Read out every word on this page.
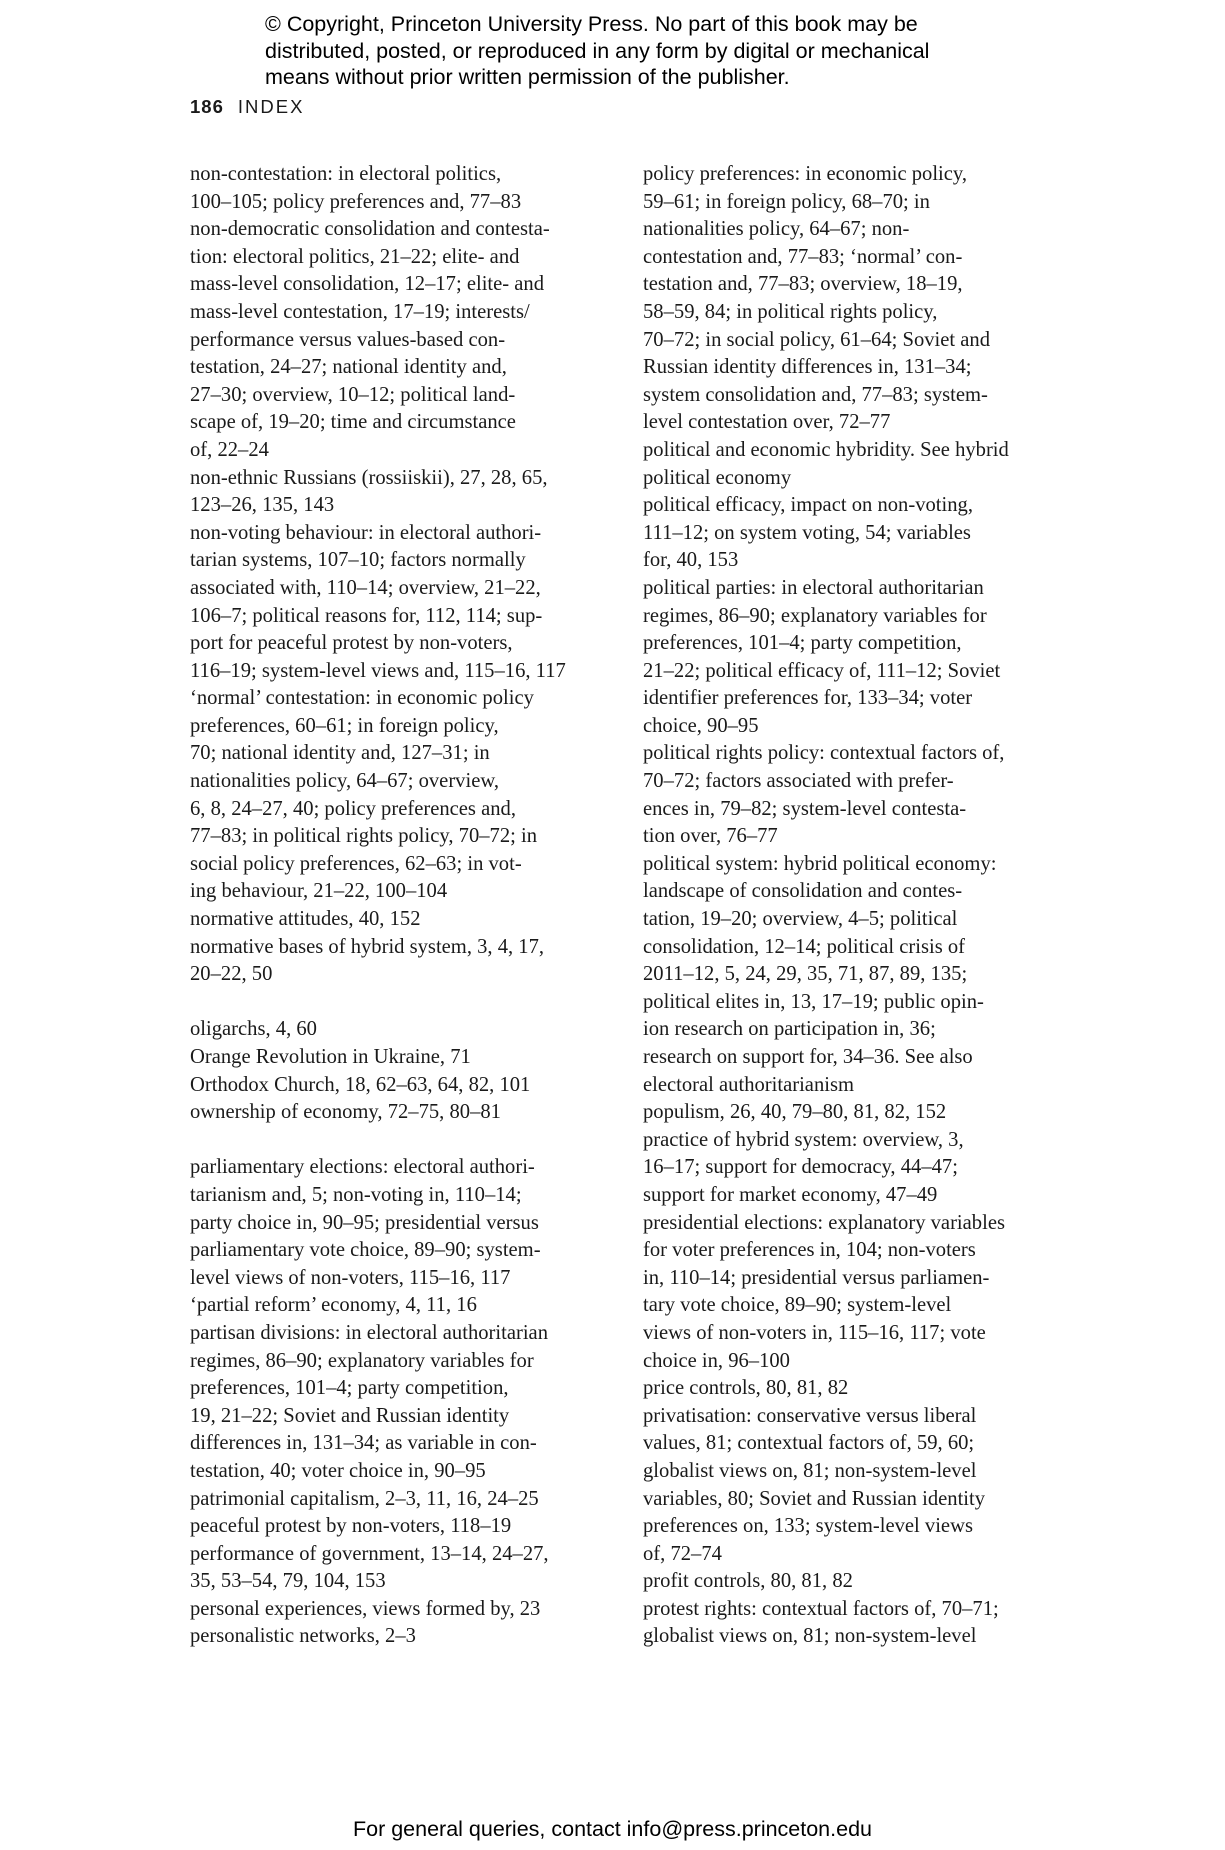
© Copyright, Princeton University Press. No part of this book may be
distributed, posted, or reproduced in any form by digital or mechanical
means without prior written permission of the publisher.
186 INDEX
non-contestation: in electoral politics,
100–105; policy preferences and, 77–83
non-democratic consolidation and contesta-
tion: electoral politics, 21–22; elite- and
mass-level consolidation, 12–17; elite- and
mass-level contestation, 17–19; interests/
performance versus values-based con-
testation, 24–27; national identity and,
27–30; overview, 10–12; political land-
scape of, 19–20; time and circumstance
of, 22–24
non-ethnic Russians (rossiiskii), 27, 28, 65,
123–26, 135, 143
non-voting behaviour: in electoral authori-
tarian systems, 107–10; factors normally
associated with, 110–14; overview, 21–22,
106–7; political reasons for, 112, 114; sup-
port for peaceful protest by non-voters,
116–19; system-level views and, 115–16, 117
‘normal’ contestation: in economic policy
preferences, 60–61; in foreign policy,
70; national identity and, 127–31; in
nationalities policy, 64–67; overview,
6, 8, 24–27, 40; policy preferences and,
77–83; in political rights policy, 70–72; in
social policy preferences, 62–63; in vot-
ing behaviour, 21–22, 100–104
normative attitudes, 40, 152
normative bases of hybrid system, 3, 4, 17,
20–22, 50
oligarchs, 4, 60
Orange Revolution in Ukraine, 71
Orthodox Church, 18, 62–63, 64, 82, 101
ownership of economy, 72–75, 80–81
parliamentary elections: electoral authori-
tarianism and, 5; non-voting in, 110–14;
party choice in, 90–95; presidential versus
parliamentary vote choice, 89–90; system-
level views of non-voters, 115–16, 117
‘partial reform’ economy, 4, 11, 16
partisan divisions: in electoral authoritarian
regimes, 86–90; explanatory variables for
preferences, 101–4; party competition,
19, 21–22; Soviet and Russian identity
differences in, 131–34; as variable in con-
testation, 40; voter choice in, 90–95
patrimonial capitalism, 2–3, 11, 16, 24–25
peaceful protest by non-voters, 118–19
performance of government, 13–14, 24–27,
35, 53–54, 79, 104, 153
personal experiences, views formed by, 23
personalistic networks, 2–3
policy preferences: in economic policy,
59–61; in foreign policy, 68–70; in
nationalities policy, 64–67; non-
contestation and, 77–83; ‘normal’ con-
testation and, 77–83; overview, 18–19,
58–59, 84; in political rights policy,
70–72; in social policy, 61–64; Soviet and
Russian identity differences in, 131–34;
system consolidation and, 77–83; system-
level contestation over, 72–77
political and economic hybridity. See hybrid
political economy
political efficacy, impact on non-voting,
111–12; on system voting, 54; variables
for, 40, 153
political parties: in electoral authoritarian
regimes, 86–90; explanatory variables for
preferences, 101–4; party competition,
21–22; political efficacy of, 111–12; Soviet
identifier preferences for, 133–34; voter
choice, 90–95
political rights policy: contextual factors of,
70–72; factors associated with prefer-
ences in, 79–82; system-level contesta-
tion over, 76–77
political system: hybrid political economy:
landscape of consolidation and contes-
tation, 19–20; overview, 4–5; political
consolidation, 12–14; political crisis of
2011–12, 5, 24, 29, 35, 71, 87, 89, 135;
political elites in, 13, 17–19; public opin-
ion research on participation in, 36;
research on support for, 34–36. See also
electoral authoritarianism
populism, 26, 40, 79–80, 81, 82, 152
practice of hybrid system: overview, 3,
16–17; support for democracy, 44–47;
support for market economy, 47–49
presidential elections: explanatory variables
for voter preferences in, 104; non-voters
in, 110–14; presidential versus parliamen-
tary vote choice, 89–90; system-level
views of non-voters in, 115–16, 117; vote
choice in, 96–100
price controls, 80, 81, 82
privatisation: conservative versus liberal
values, 81; contextual factors of, 59, 60;
globalist views on, 81; non-system-level
variables, 80; Soviet and Russian identity
preferences on, 133; system-level views
of, 72–74
profit controls, 80, 81, 82
protest rights: contextual factors of, 70–71;
globalist views on, 81; non-system-level
For general queries, contact info@press.princeton.edu
